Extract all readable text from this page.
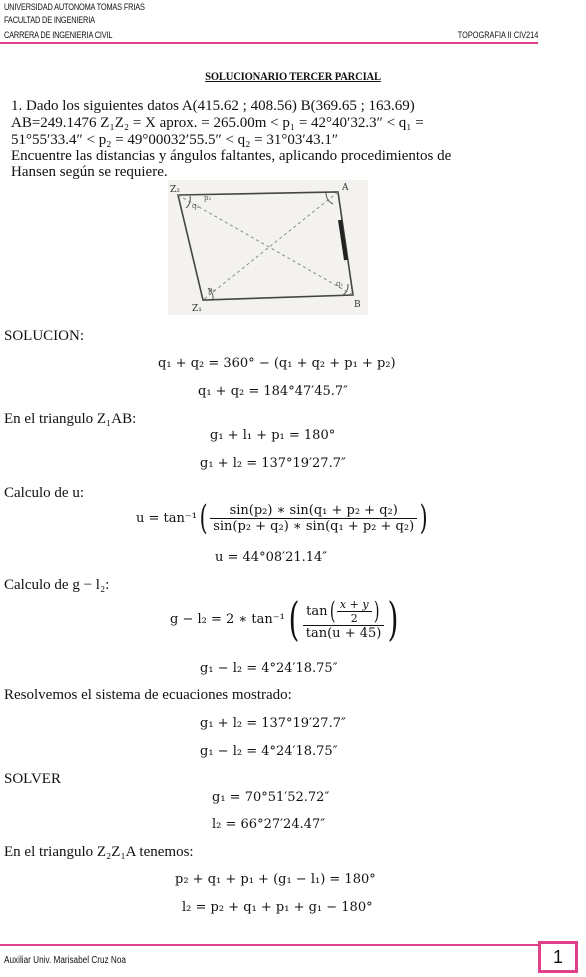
UNIVERSIDAD AUTONOMA TOMAS FRIAS
FACULTAD DE INGENIERIA
CARRERA DE INGENIERIA CIVIL	TOPOGRAFIA II CIV214
SOLUCIONARIO TERCER PARCIAL
1. Dado los siguientes datos A(415.62 ; 408.56) B(369.65 ; 163.69)
AB=249.1476 Z₁Z₂ = X aprox. = 265.00m < p₁ = 42°40′32.3″ < q₁ =
51°55′33.4″ < p₂ = 49°00032′55.5″ < q₂ = 31°03′43.1″
Encuentre las distancias y ángulos faltantes, aplicando procedimientos de
Hansen según se requiere.
Z₂	A
Z₁	B
q₂
p₂
p₁
q₁
SOLUCION:
q₁ + q₂ = 360° − (q₁ + q₂ + p₁ + p₂)
q₁ + q₂ = 184°47′45.7″
En el triangulo Z₁AB:
g₁ + l₁ + p₁ = 180°
g₁ + l₂ = 137°19′27.7″
Calculo de u:
u = tan⁻¹ ( $\frac{\text{sin(p₂) ∗ sin(q₁ + p₂ + q₂)}}{\text{sin(p₂ + q₂) ∗ sin(q₁ + p₂ + q₂)}}$ )
u = 44°08′21.14″
Calculo de g − l₂:
g − l₂ = 2 ∗ tan⁻¹ ( $\frac{\tan ( \frac{x + y}{2} )}{\tan(u + 45)}$ )
g₁ − l₂ = 4°24′18.75″
Resolvemos el sistema de ecuaciones mostrado:
g₁ + l₂ = 137°19′27.7″
g₁ − l₂ = 4°24′18.75″
SOLVER
g₁ = 70°51′52.72″
l₂ = 66°27′24.47″
En el triangulo Z₂Z₁A tenemos:
p₂ + q₁ + p₁ + (g₁ − l₁) = 180°
l₂ = p₂ + q₁ + p₁ + g₁ − 180°
Auxiliar Univ. Marisabel Cruz Noa	1
